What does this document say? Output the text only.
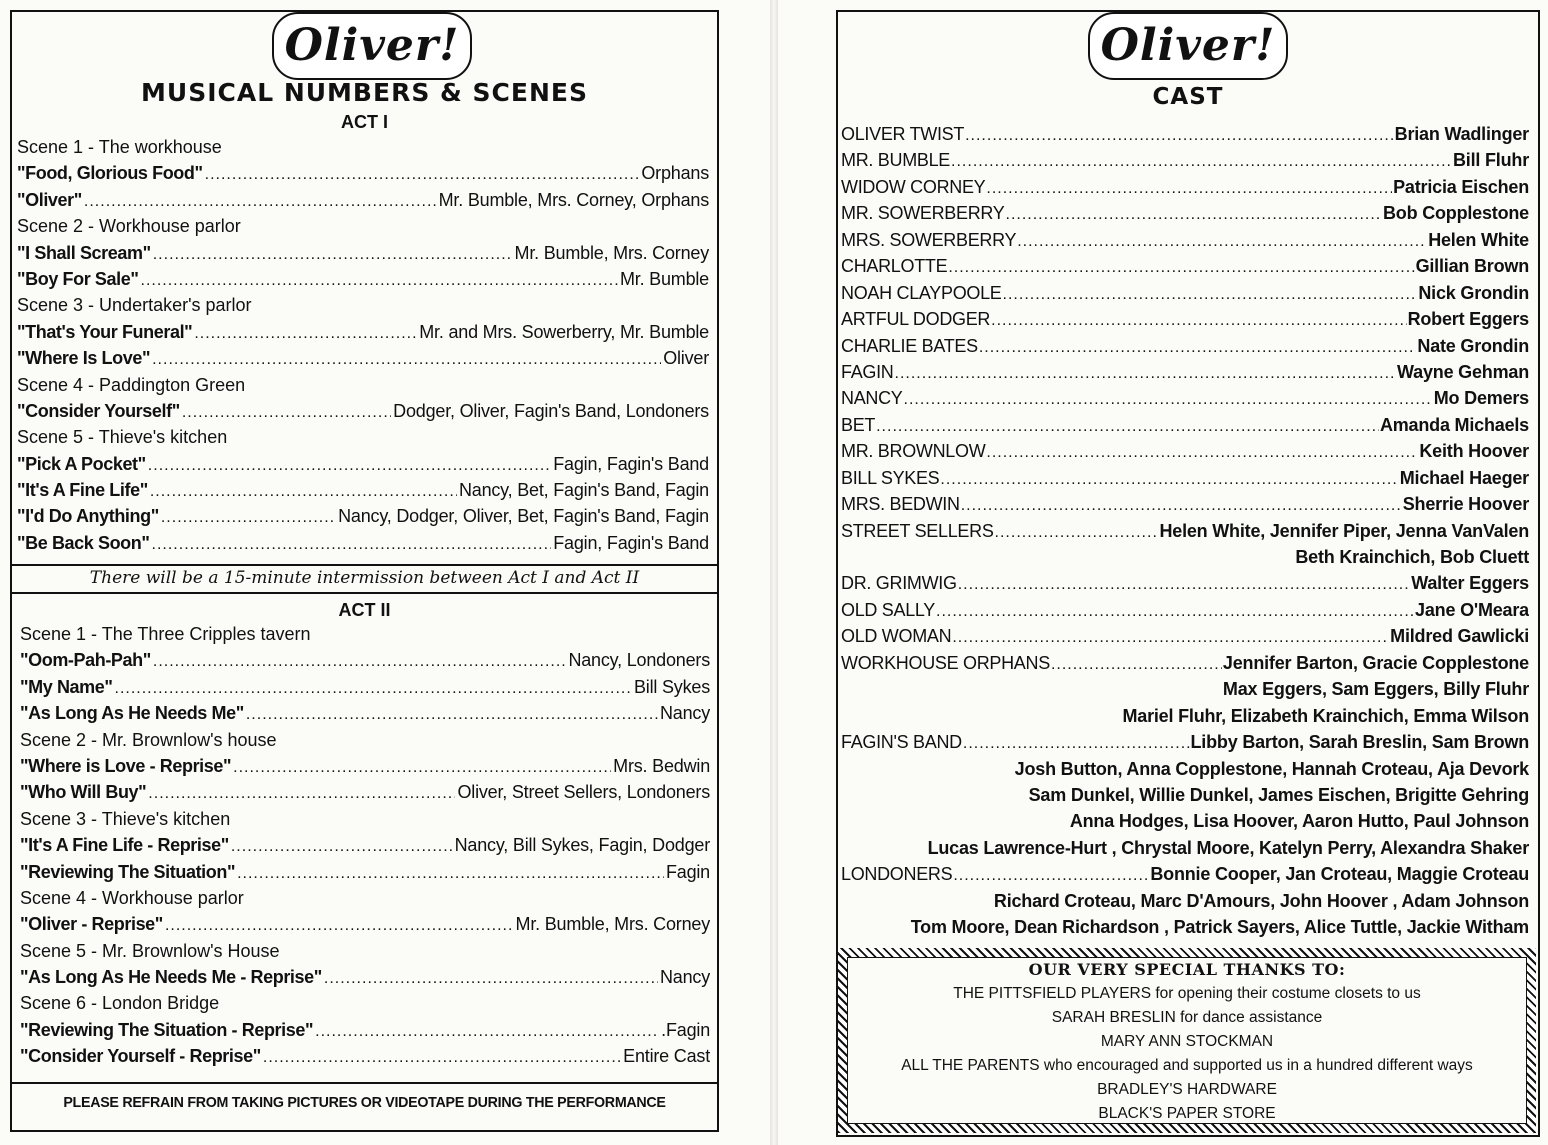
Oliver!
MUSICAL NUMBERS & SCENES
ACT I
Scene 1 - The workhouse
"Food, Glorious Food" .....	Orphans
"Oliver" .....	Mr. Bumble, Mrs. Corney, Orphans
Scene 2 - Workhouse parlor
"I Shall Scream" .....	Mr. Bumble, Mrs. Corney
"Boy For Sale" .....	Mr. Bumble
Scene 3 - Undertaker's parlor
"That's Your Funeral" .....	Mr. and Mrs. Sowerberry, Mr. Bumble
"Where Is Love" .....	Oliver
Scene 4 - Paddington Green
"Consider Yourself" .....	Dodger, Oliver, Fagin's Band, Londoners
Scene 5 - Thieve's kitchen
"Pick A Pocket" .....	Fagin, Fagin's Band
"It's A Fine Life" .....	Nancy, Bet, Fagin's Band, Fagin
"I'd Do Anything" .....	Nancy, Dodger, Oliver, Bet, Fagin's Band, Fagin
"Be Back Soon" .....	Fagin, Fagin's Band
There will be a 15-minute intermission between Act I and Act II
ACT II
Scene 1 - The Three Cripples tavern
"Oom-Pah-Pah" .....	Nancy, Londoners
"My Name" .....	Bill Sykes
"As Long As He Needs Me" .....	Nancy
Scene 2 - Mr. Brownlow's house
"Where is Love - Reprise" .....	Mrs. Bedwin
"Who Will Buy" .....	Oliver, Street Sellers, Londoners
Scene 3 - Thieve's kitchen
"It's A Fine Life - Reprise" .....	Nancy, Bill Sykes, Fagin, Dodger
"Reviewing The Situation" .....	Fagin
Scene 4 - Workhouse parlor
"Oliver - Reprise" .....	Mr. Bumble, Mrs. Corney
Scene 5 - Mr. Brownlow's House
"As Long As He Needs Me - Reprise" .....	Nancy
Scene 6 - London Bridge
"Reviewing The Situation - Reprise" .....	.Fagin
"Consider Yourself - Reprise" .....	Entire Cast
PLEASE REFRAIN FROM TAKING PICTURES OR VIDEOTAPE DURING THE PERFORMANCE
Oliver!
CAST
OLIVER TWIST .....	Brian Wadlinger
MR. BUMBLE .....	Bill Fluhr
WIDOW CORNEY .....	Patricia Eischen
MR. SOWERBERRY .....	Bob Copplestone
MRS. SOWERBERRY .....	Helen White
CHARLOTTE .....	Gillian Brown
NOAH CLAYPOOLE .....	Nick Grondin
ARTFUL DODGER .....	Robert Eggers
CHARLIE BATES .....	Nate Grondin
FAGIN .....	Wayne Gehman
NANCY .....	Mo Demers
BET .....	Amanda Michaels
MR. BROWNLOW .....	Keith Hoover
BILL SYKES .....	Michael Haeger
MRS. BEDWIN .....	Sherrie Hoover
STREET SELLERS .....	Helen White, Jennifer Piper, Jenna VanValen
Beth Krainchich, Bob Cluett
DR. GRIMWIG .....	Walter Eggers
OLD SALLY .....	Jane O'Meara
OLD WOMAN .....	Mildred Gawlicki
WORKHOUSE ORPHANS .....	Jennifer Barton, Gracie Copplestone
Max Eggers, Sam Eggers, Billy Fluhr
Mariel Fluhr, Elizabeth Krainchich, Emma Wilson
FAGIN'S BAND .....	Libby Barton, Sarah Breslin, Sam Brown
Josh Button, Anna Copplestone, Hannah Croteau, Aja Devork
Sam Dunkel, Willie Dunkel, James Eischen, Brigitte Gehring
Anna Hodges, Lisa Hoover, Aaron Hutto, Paul Johnson
Lucas Lawrence-Hurt , Chrystal Moore, Katelyn Perry, Alexandra Shaker
LONDONERS .....	Bonnie Cooper, Jan Croteau, Maggie Croteau
Richard Croteau, Marc D'Amours, John Hoover , Adam Johnson
Tom Moore, Dean Richardson , Patrick Sayers, Alice Tuttle, Jackie Witham
OUR VERY SPECIAL THANKS TO:
THE PITTSFIELD PLAYERS for opening their costume closets to us
SARAH BRESLIN for dance assistance
MARY ANN STOCKMAN
ALL THE PARENTS who encouraged and supported us in a hundred different ways
BRADLEY'S HARDWARE
BLACK'S PAPER STORE
